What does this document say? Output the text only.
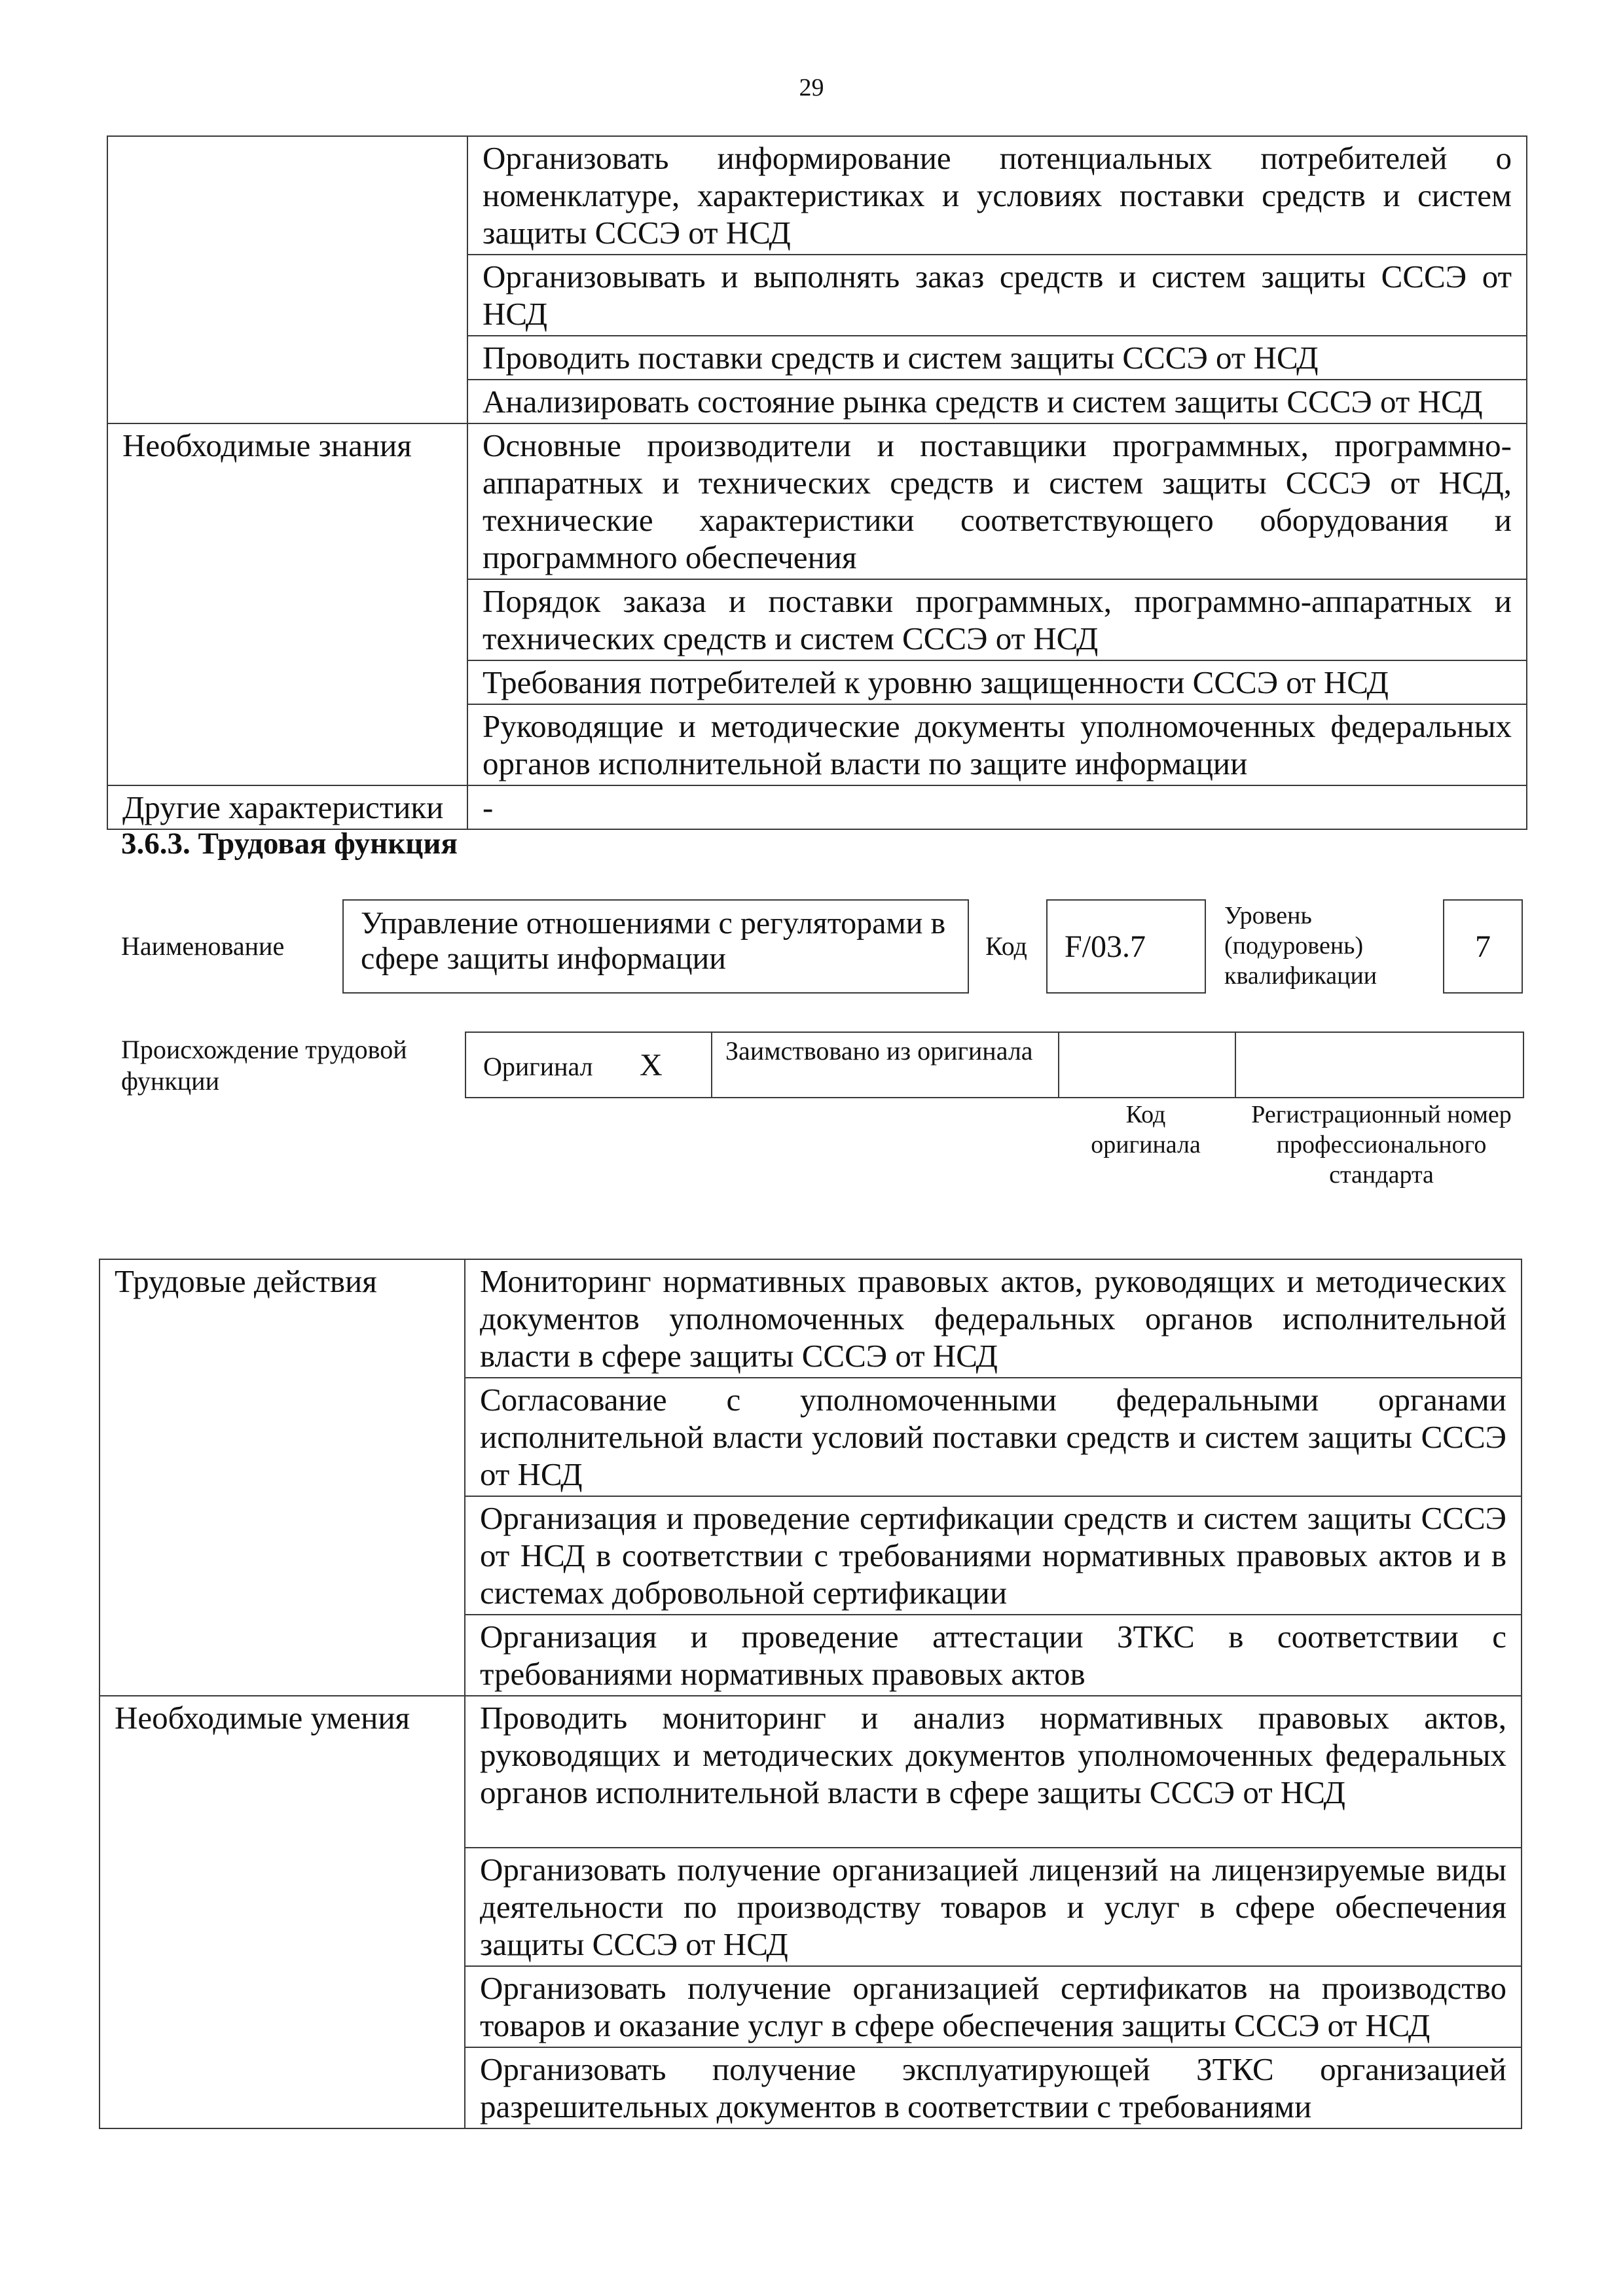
29

	Организовать информирование потенциальных потребителей о номенклатуре, характеристиках и условиях поставки средств и систем защиты СССЭ от НСД

	Организовывать и выполнять заказ средств и систем защиты СССЭ от НСД

	Проводить поставки средств и систем защиты СССЭ от НСД

	Анализировать состояние рынка средств и систем защиты СССЭ от НСД

Необходимые знания	Основные производители и поставщики программных, программно-аппаратных и технических средств и систем защиты СССЭ от НСД, технические характеристики соответствующего оборудования и программного обеспечения

	Порядок заказа и поставки программных, программно-аппаратных и технических средств и систем СССЭ от НСД

	Требования потребителей к уровню защищенности СССЭ от НСД

	Руководящие и методические документы уполномоченных федеральных органов исполнительной власти по защите информации

Другие характеристики	-
3.6.3. Трудовая функция
Наименование
Управление отношениями с регуляторами в сфере защиты информации	Код F/03.7
Уровень (подуровень) квалификации
7
Происхождение трудовой функции	Оригинал X	Заимствовано из оригинала

Код оригинала
Регистрационный номер профессионального стандарта
Трудовые действия	Мониторинг нормативных правовых актов, руководящих и методических документов уполномоченных федеральных органов исполнительной власти в сфере защиты СССЭ от НСД

	Согласование с уполномоченными федеральными органами исполнительной власти условий поставки средств и систем защиты СССЭ от НСД

	Организация и проведение сертификации средств и систем защиты СССЭ от НСД в соответствии с требованиями нормативных правовых актов и в системах добровольной сертификации

	Организация и проведение аттестации ЗТКС в соответствии с требованиями нормативных правовых актов

Необходимые умения	Проводить мониторинг и анализ нормативных правовых актов, руководящих и методических документов уполномоченных федеральных органов исполнительной власти в сфере защиты СССЭ от НСД

	Организовать получение организацией лицензий на лицензируемые виды деятельности по производству товаров и услуг в сфере обеспечения защиты СССЭ от НСД

	Организовать получение организацией сертификатов на производство товаров и оказание услуг в сфере обеспечения защиты СССЭ от НСД

	Организовать получение эксплуатирующей ЗТКС организацией разрешительных документов в соответствии с требованиями
